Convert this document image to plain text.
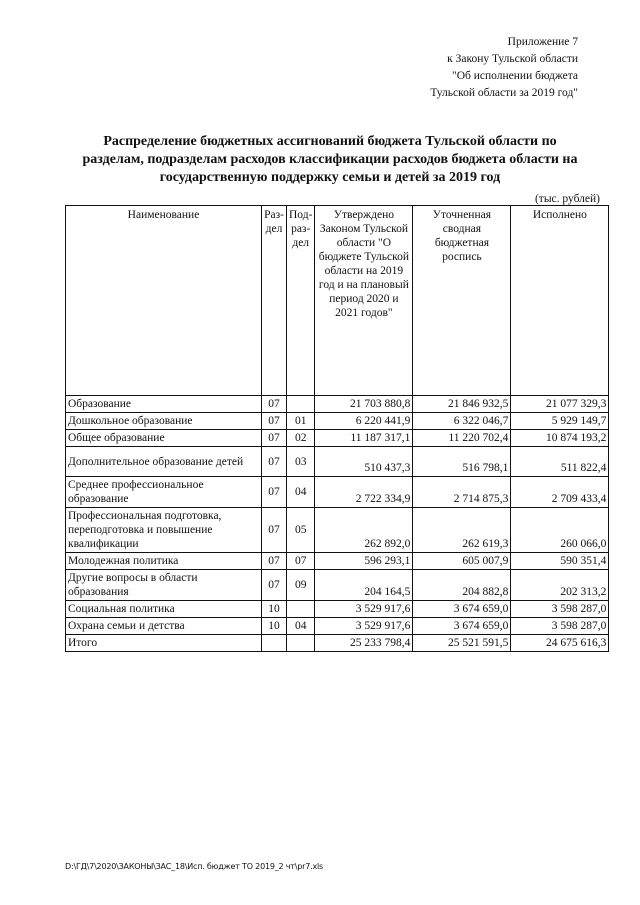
Приложение 7
к Закону Тульской области
"Об исполнении бюджета
Тульской области за 2019 год"
Распределение бюджетных ассигнований бюджета Тульской области по
разделам, подразделам расходов классификации расходов бюджета области на
государственную поддержку семьи и детей за 2019 год
(тыс. рублей)
Наименование	Раз-дел	Под-раз-дел	Утверждено Законом Тульской области "О бюджете Тульской области на 2019 год и на плановый период 2020 и 2021 годов"	Уточненная сводная бюджетная роспись	Исполнено
Образование	07		21 703 880,8	21 846 932,5	21 077 329,3
Дошкольное образование	07	01	6 220 441,9	6 322 046,7	5 929 149,7
Общее образование	07	02	11 187 317,1	11 220 702,4	10 874 193,2
Дополнительное образование детей	07	03	510 437,3	516 798,1	511 822,4
Среднее профессиональное образование	07	04	2 722 334,9	2 714 875,3	2 709 433,4
Профессиональная подготовка, переподготовка и повышение квалификации	07	05	262 892,0	262 619,3	260 066,0
Молодежная политика	07	07	596 293,1	605 007,9	590 351,4
Другие вопросы в области образования	07	09	204 164,5	204 882,8	202 313,2
Социальная политика	10		3 529 917,6	3 674 659,0	3 598 287,0
Охрана семьи и детства	10	04	3 529 917,6	3 674 659,0	3 598 287,0
Итого			25 233 798,4	25 521 591,5	24 675 616,3
D:\ГД\7\2020\ЗАКОНЫ\ЗАС_18\Исп. бюджет ТО 2019_2 чт\pr7.xls
